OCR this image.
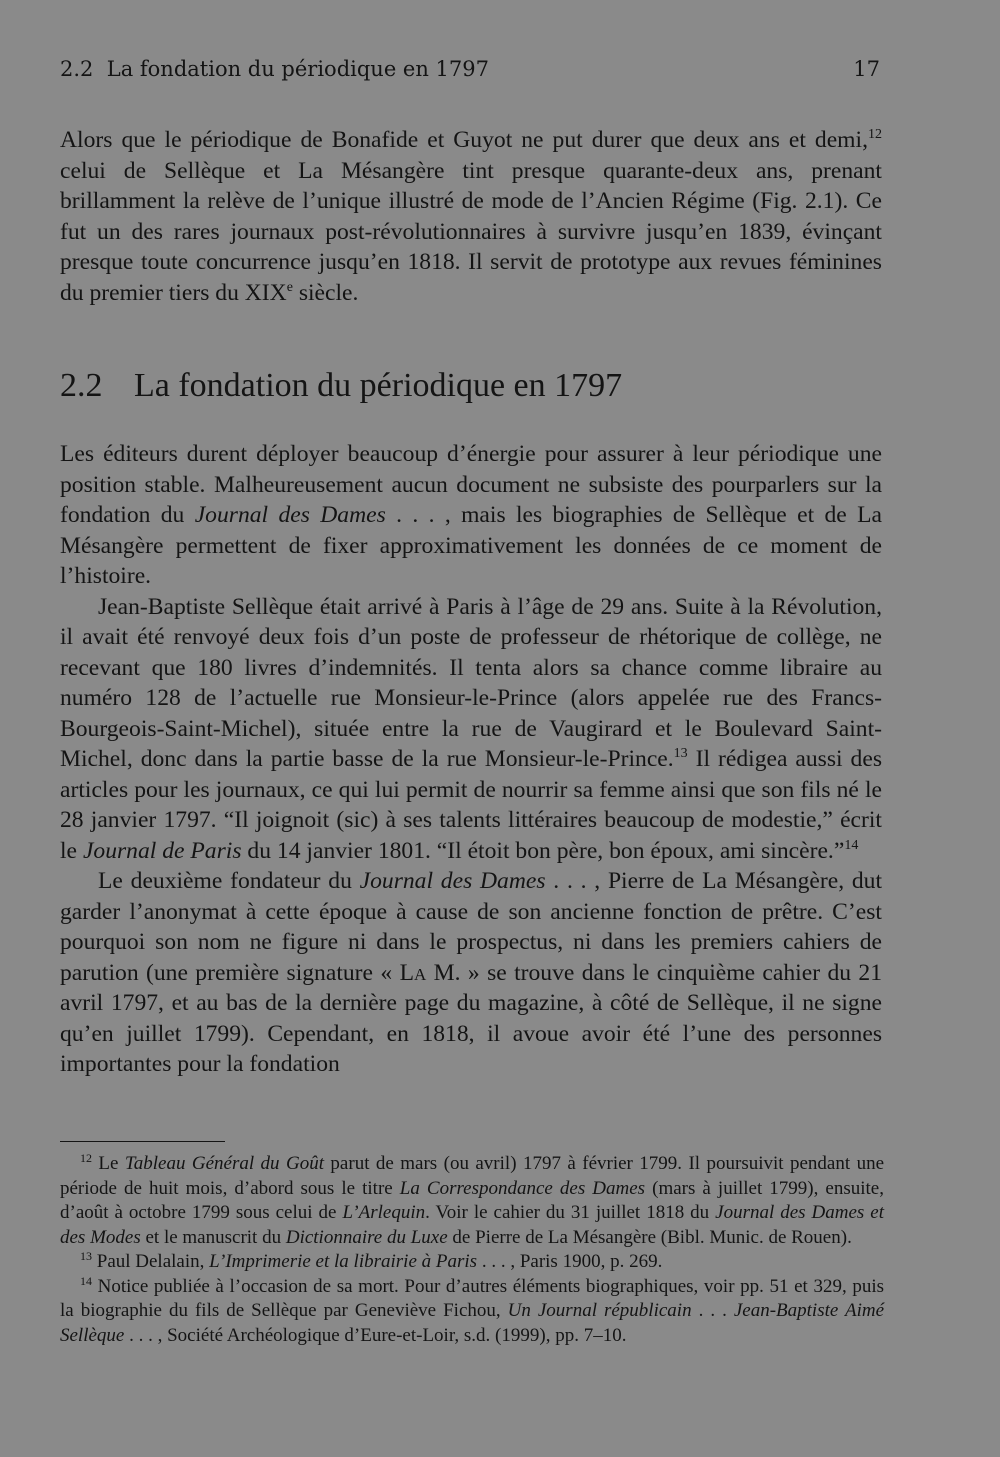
2.2  La fondation du périodique en 1797	17

Alors que le périodique de Bonafide et Guyot ne put durer que deux ans et demi,$^{12}$ celui de Sellèque et La Mésangère tint presque quarante-deux ans, prenant brillamment la relève de l’unique illustré de mode de l’Ancien Régime (Fig. 2.1). Ce fut un des rares journaux post-révolutionnaires à survivre jusqu’en 1839, évinçant presque toute concurrence jusqu’en 1818. Il servit de prototype aux revues féminines du premier tiers du XIXe siècle.

2.2 La fondation du périodique en 1797

Les éditeurs durent déployer beaucoup d’énergie pour assurer à leur périodique une position stable. Malheureusement aucun document ne subsiste des pourparlers sur la fondation du Journal des Dames . . . , mais les biographies de Sellèque et de La Mésangère permettent de fixer approximativement les données de ce moment de l’histoire.

Jean-Baptiste Sellèque était arrivé à Paris à l’âge de 29 ans. Suite à la Révolution, il avait été renvoyé deux fois d’un poste de professeur de rhétorique de collège, ne recevant que 180 livres d’indemnités. Il tenta alors sa chance comme libraire au numéro 128 de l’actuelle rue Monsieur-le-Prince (alors appelée rue des Francs-Bourgeois-Saint-Michel), située entre la rue de Vaugirard et le Boulevard Saint-Michel, donc dans la partie basse de la rue Monsieur-le-Prince.$^{13}$ Il rédigea aussi des articles pour les journaux, ce qui lui permit de nourrir sa femme ainsi que son fils né le 28 janvier 1797. “Il joignoit (sic) à ses talents littéraires beaucoup de modestie,” écrit le Journal de Paris du 14 janvier 1801. “Il étoit bon père, bon époux, ami sincère.”$^{14}$

Le deuxième fondateur du Journal des Dames . . . , Pierre de La Mésangère, dut garder l’anonymat à cette époque à cause de son ancienne fonction de prêtre. C’est pourquoi son nom ne figure ni dans le prospectus, ni dans les premiers cahiers de parution (une première signature « La M. » se trouve dans le cinquième cahier du 21 avril 1797, et au bas de la dernière page du magazine, à côté de Sellèque, il ne signe qu’en juillet 1799). Cependant, en 1818, il avoue avoir été l’une des personnes importantes pour la fondation

$^{12}$ Le Tableau Général du Goût parut de mars (ou avril) 1797 à février 1799. Il poursuivit pendant une période de huit mois, d’abord sous le titre La Correspondance des Dames (mars à juillet 1799), ensuite, d’août à octobre 1799 sous celui de L’Arlequin. Voir le cahier du 31 juillet 1818 du Journal des Dames et des Modes et le manuscrit du Dictionnaire du Luxe de Pierre de La Mésangère (Bibl. Munic. de Rouen).

$^{13}$ Paul Delalain, L’Imprimerie et la librairie à Paris . . . , Paris 1900, p. 269.

$^{14}$ Notice publiée à l’occasion de sa mort. Pour d’autres éléments biographiques, voir pp. 51 et 329, puis la biographie du fils de Sellèque par Geneviève Fichou, Un Journal républicain . . . Jean-Baptiste Aimé Sellèque . . . , Société Archéologique d’Eure-et-Loir, s.d. (1999), pp. 7–10.
